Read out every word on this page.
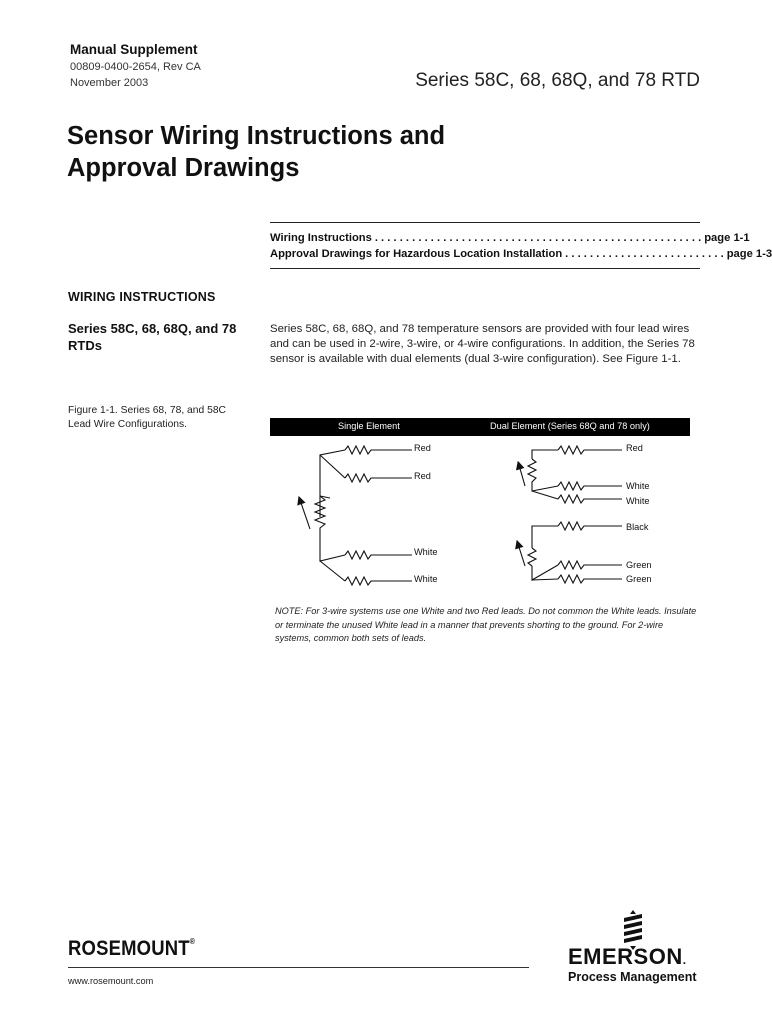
Manual Supplement
00809-0400-2654, Rev CA
November 2003	Series 58C, 68, 68Q, and 78 RTD
Sensor Wiring Instructions and
Approval Drawings
Wiring Instructions . . . . . . . . . . . . . . . . . . . . . . . . . . . . . . . . . . . . . . . . . . . . . . . . . . . . . page 1-1
Approval Drawings for Hazardous Location Installation . . . . . . . . . . . . . . . . . . . . . . . . . . page 1-3
WIRING INSTRUCTIONS
Series 58C, 68, 68Q, and 78 RTDs
Series 58C, 68, 68Q, and 78 temperature sensors are provided with four lead wires and can be used in 2-wire, 3-wire, or 4-wire configurations. In addition, the Series 78 sensor is available with dual elements (dual 3-wire configuration). See Figure 1-1.
Figure 1-1. Series 68, 78, and 58C Lead Wire Configurations.	Single Element	Dual Element (Series 68Q and 78 only)
Red
Red
White
White
Red
White
White
Black
Green
Green
NOTE: For 3-wire systems use one White and two Red leads. Do not common the White leads. Insulate or terminate the unused White lead in a manner that prevents shorting to the ground. For 2-wire systems, common both sets of leads.
ROSEMOUNT®
www.rosemount.com
EMERSON.
Process Management
